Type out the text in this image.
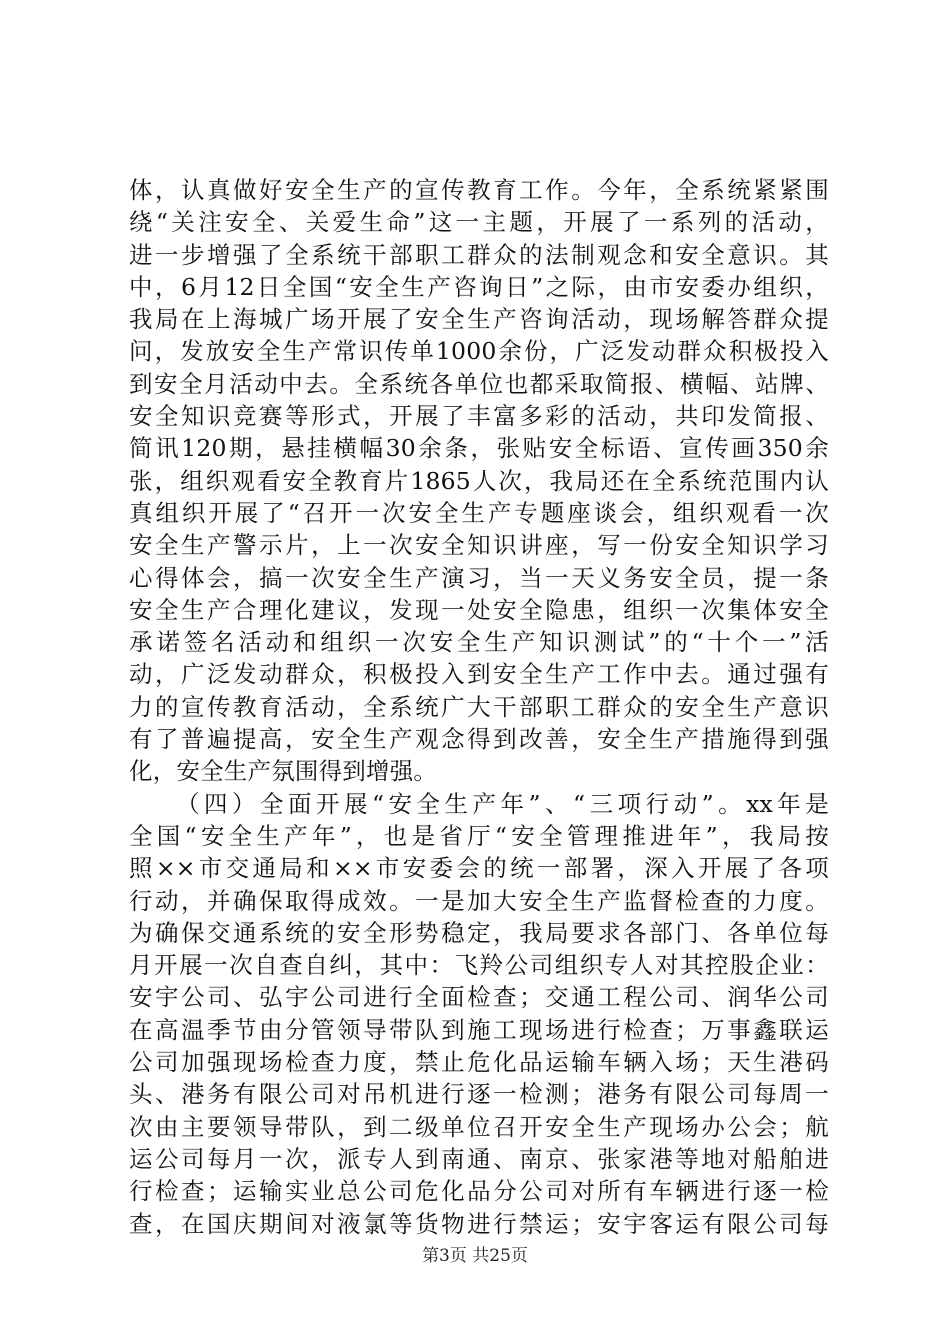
体，认真做好安全生产的宣传教育工作。今年，全系统紧紧围
绕“关注安全、关爱生命”这一主题，开展了一系列的活动，
进一步增强了全系统干部职工群众的法制观念和安全意识。其
中，6月12日全国“安全生产咨询日”之际，由市安委办组织，
我局在上海城广场开展了安全生产咨询活动，现场解答群众提
问，发放安全生产常识传单1000余份，广泛发动群众积极投入
到安全月活动中去。全系统各单位也都采取简报、横幅、站牌、
安全知识竞赛等形式，开展了丰富多彩的活动，共印发简报、
简讯120期，悬挂横幅30余条，张贴安全标语、宣传画350余
张，组织观看安全教育片1865人次，我局还在全系统范围内认
真组织开展了“召开一次安全生产专题座谈会，组织观看一次
安全生产警示片，上一次安全知识讲座，写一份安全知识学习
心得体会，搞一次安全生产演习，当一天义务安全员，提一条
安全生产合理化建议，发现一处安全隐患，组织一次集体安全
承诺签名活动和组织一次安全生产知识测试”的“十个一”活
动，广泛发动群众，积极投入到安全生产工作中去。通过强有
力的宣传教育活动，全系统广大干部职工群众的安全生产意识
有了普遍提高，安全生产观念得到改善，安全生产措施得到强
化，安全生产氛围得到增强。
（四）全面开展“安全生产年”、“三项行动”。xx年是
全国“安全生产年”，也是省厅“安全管理推进年”，我局按
照××市交通局和××市安委会的统一部署，深入开展了各项
行动，并确保取得成效。一是加大安全生产监督检查的力度。
为确保交通系统的安全形势稳定，我局要求各部门、各单位每
月开展一次自查自纠，其中：飞羚公司组织专人对其控股企业：
安宇公司、弘宇公司进行全面检查；交通工程公司、润华公司
在高温季节由分管领导带队到施工现场进行检查；万事鑫联运
公司加强现场检查力度，禁止危化品运输车辆入场；天生港码
头、港务有限公司对吊机进行逐一检测；港务有限公司每周一
次由主要领导带队，到二级单位召开安全生产现场办公会；航
运公司每月一次，派专人到南通、南京、张家港等地对船舶进
行检查；运输实业总公司危化品分公司对所有车辆进行逐一检
查，在国庆期间对液氯等货物进行禁运；安宇客运有限公司每
第3页 共25页
